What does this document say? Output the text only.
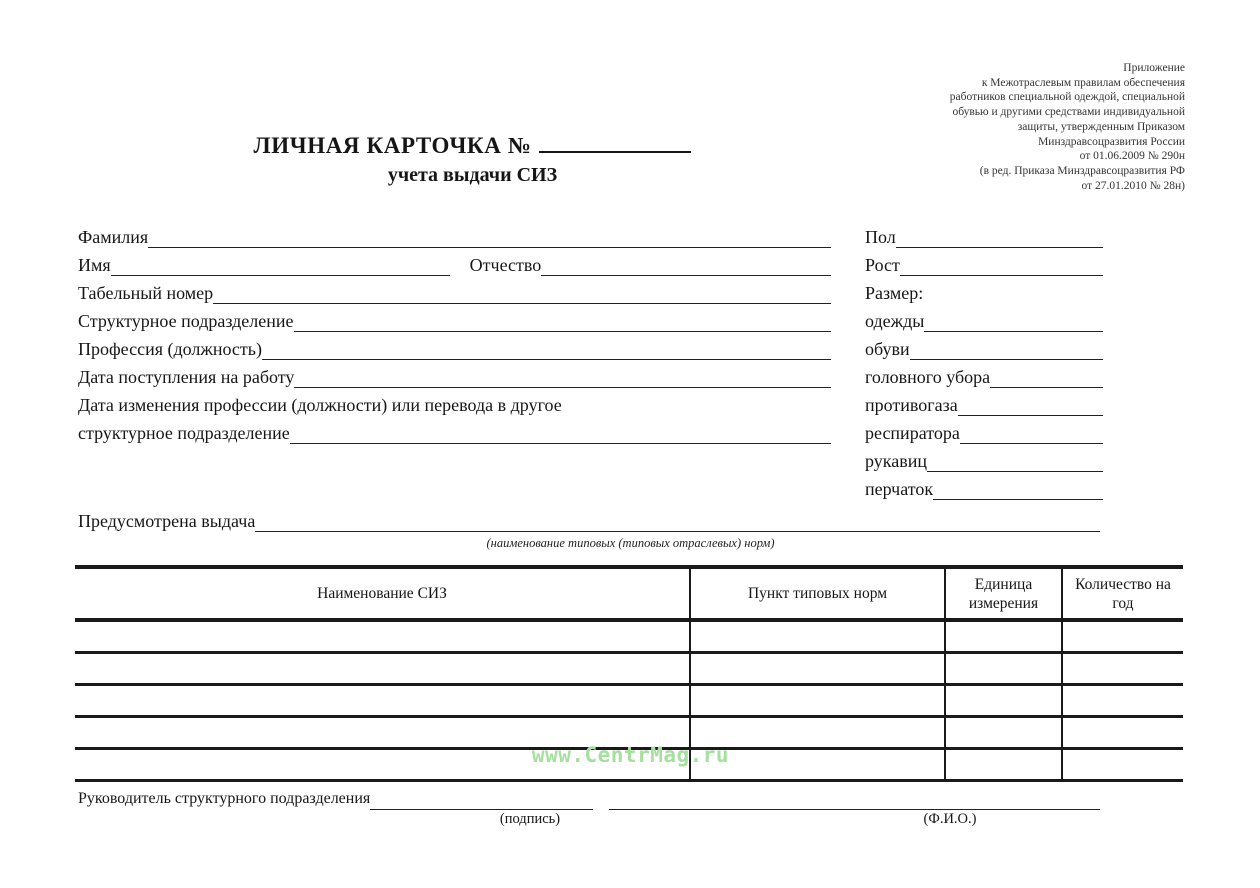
Приложение
к Межотраслевым правилам обеспечения
работников специальной одеждой, специальной
обувью и другими средствами индивидуальной
защиты, утвержденным Приказом
Минздравсоцразвития России
от 01.06.2009 № 290н
(в ред. Приказа Минздравсоцразвития РФ
от 27.01.2010 № 28н)
ЛИЧНАЯ КАРТОЧКА №
учета выдачи СИЗ
Фамилия
Имя	Отчество
Табельный номер
Структурное подразделение
Профессия (должность)
Дата поступления на работу
Дата изменения профессии (должности) или перевода в другое
структурное подразделение
Пол
Рост
Размер:
одежды
обуви
головного убора
противогаза
респиратора
рукавиц
перчаток
Предусмотрена выдача
(наименование типовых (типовых отраслевых) норм)
Наименование СИЗ	Пункт типовых норм	Единица измерения	Количество на год

www.CentrMag.ru
Руководитель структурного подразделения
(подпись)	(Ф.И.О.)
